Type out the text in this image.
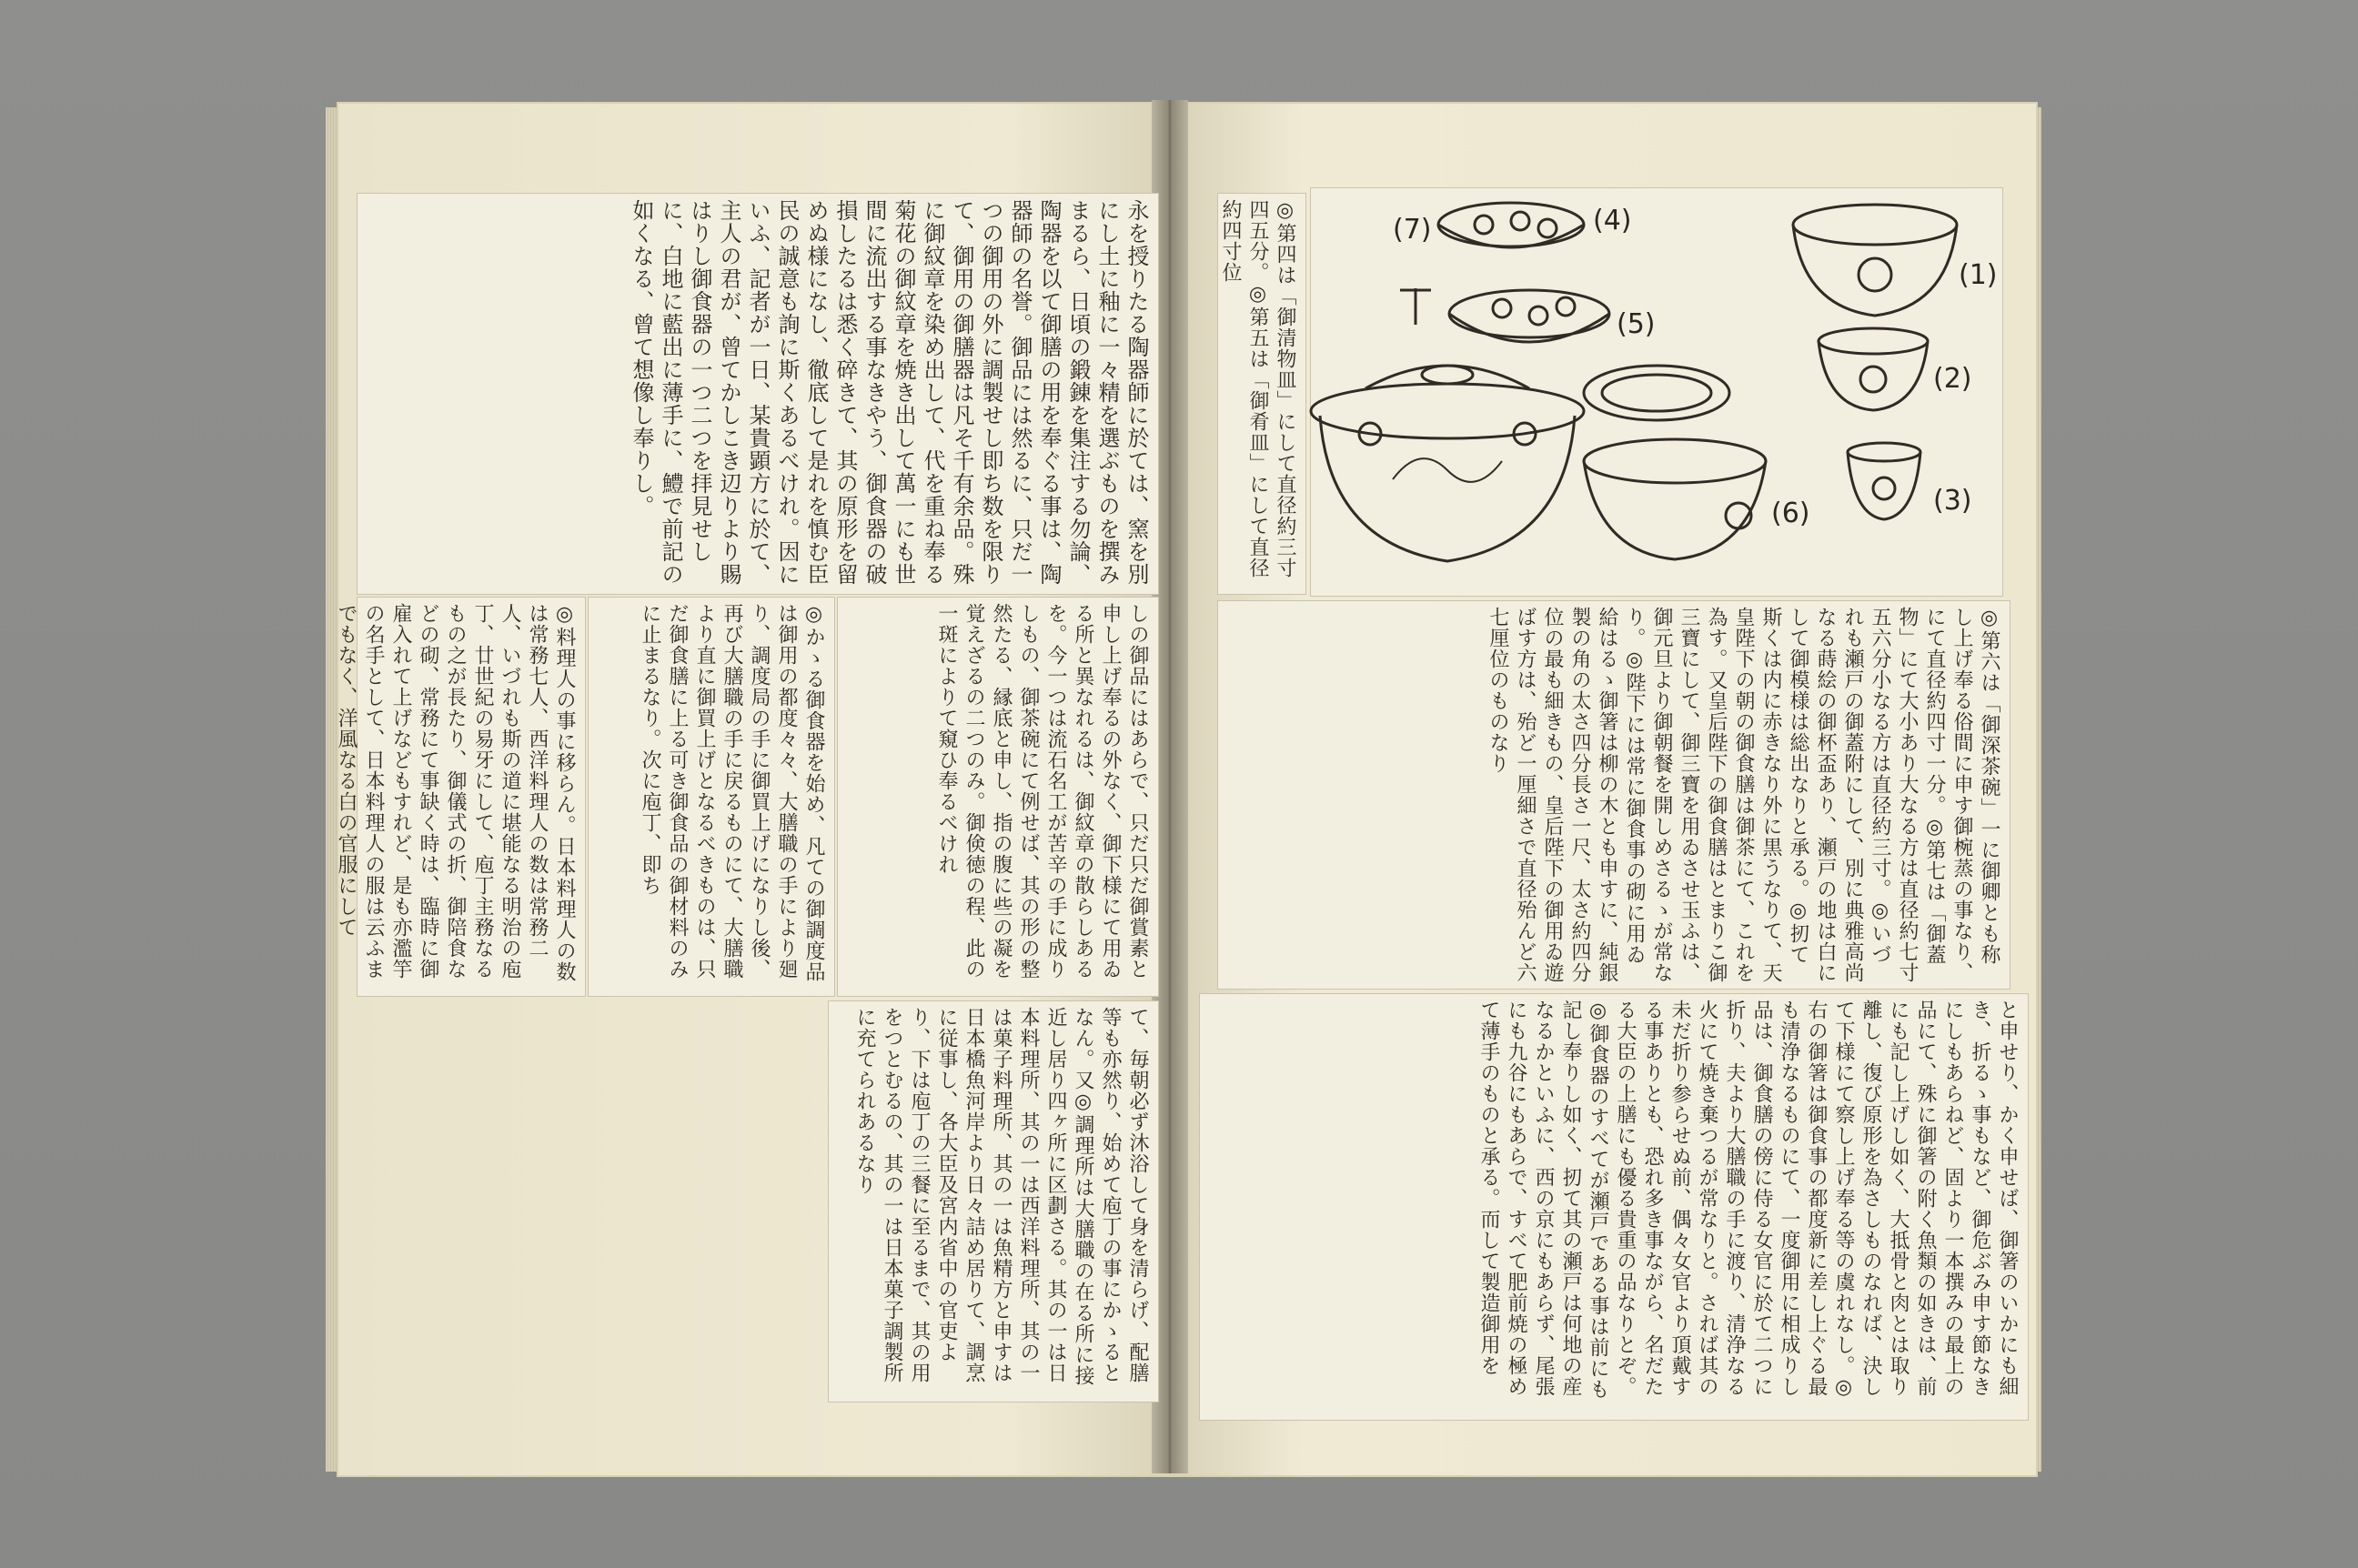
永を授りたる陶器師に於ては、窯を別にし土に釉に一々精を選ぶものを撰みまるら、日頃の鍛錬を集注する勿論、陶器を以て御膳の用を奉ぐる事は、陶器師の名誉。御品には然るに、只だ一つの御用の外に調製せし即ち数を限りて、御用の御膳器は凡そ千有余品。殊に御紋章を染め出して、代を重ね奉る菊花の御紋章を焼き出して萬一にも世間に流出する事なきやう、御食器の破損したるは悉く碎きて、其の原形を留めぬ様になし、徹底して是れを慎む臣民の誠意も詢に斯くあるべけれ。因にいふ、記者が一日、某貴顕方に於て、主人の君が、曾てかしこき辺りより賜はりし御食器の一つ二つを拝見せしに、白地に藍出に薄手に、鱧で前記の如くなる、曾て想像し奉りし。
◎料理人の事に移らん。日本料理人の数は常務七人、西洋料理人の数は常務二人、いづれも斯の道に堪能なる明治の庖丁、廿世紀の易牙にして、庖丁主務なるもの之が長たり、御儀式の折、御陪食などの砌、常務にて事缺く時は、臨時に御雇入れて上げなどもすれど、是も亦濫竽の名手として、日本料理人の服は云ふまでもなく、洋風なる白の官服にして	◎かゝる御食器を始め、凡ての御調度品は御用の都度々々、大膳職の手により廻り、調度局の手に御買上げになりし後、再び大膳職の手に戻るものにて、大膳職より直に御買上げとなるべきものは、只だ御食膳に上る可き御食品の御材料のみに止まるなり。次に庖丁、即ち	しの御品にはあらで、只だ只だ御賞素と申し上げ奉るの外なく、御下様にて用ゐる所と異なれるは、御紋章の散らしあるを。今一つは流石名工が苦辛の手に成りしもの、御茶碗にて例せば、其の形の整然たる、縁底と申し、指の腹に些の凝を覚えざるの二つのみ。御倹徳の程、此の一斑によりて窺ひ奉るべけれ
て、毎朝必ず沐浴して身を清らげ、配膳等も亦然り、始めて庖丁の事にかゝるとなん。又◎調理所は大膳職の在る所に接近し居り四ヶ所に区劃さる。其の一は日本料理所、其の一は西洋料理所、其の一は菓子料理所、其の一は魚精方と申すは日本橋魚河岸より日々詰め居りて、調烹に従事し、各大臣及宮内省中の官吏より、下は庖丁の三餐に至るまで、其の用をつとむるの、其の一は日本菓子調製所に充てられあるなり
◎第四は「御清物皿」にして直径約三寸四五分。◎第五は「御肴皿」にして直径約四寸位	(7)	(4)
(1)
(6)
(2)
(5)
(3)
◎第六は「御深茶碗」一に御卿とも称し上げ奉る俗間に申す御椀蒸の事なり、にて直径約四寸一分。◎第七は「御蓋物」にて大小あり大なる方は直径約七寸五六分小なる方は直径約三寸。◎いづれも瀬戸の御蓋附にして、別に典雅高尚なる蒔絵の御杯盃あり、瀬戸の地は白にして御模様は総出なりと承る。◎扨て斯くは内に赤きなり外に黒うなりて、天皇陛下の朝の御食膳は御茶にて、これを為す。又皇后陛下の御食膳はとまりこ御三寶にして、御三寶を用ゐさせ玉ふは、御元旦より御朝餐を開しめさるゝが常なり。◎陛下には常に御食事の砌に用ゐ給はるゝ御箸は柳の木とも申すに、純銀製の角の太さ四分長さ一尺、太さ約四分位の最も細きもの、皇后陛下の御用ゐ遊ばす方は、殆ど一厘細さで直径殆んど六七厘位のものなり
と申せり、かく申せば、御箸のいかにも細き、折るゝ事もなど、御危ぶみ申す節なきにしもあらねど、固より一本撰みの最上の品にて、殊に御箸の附く魚類の如きは、前にも記し上げし如く、大抵骨と肉とは取り離し、復び原形を為さしものなれば、決して下様にて察し上げ奉る等の虞れなし。◎右の御箸は御食事の都度新に差し上ぐる最も清浄なるものにて、一度御用に相成りし品は、御食膳の傍に侍る女官に於て二つに折り、夫より大膳職の手に渡り、清浄なる火にて焼き棄つるが常なりと。されば其の未だ折り参らせぬ前、偶々女官より頂戴する事ありとも、恐れ多き事ながら、名だたる大臣の上膳にも優る貴重の品なりとぞ。◎御食器のすべてが瀬戸である事は前にも記し奉りし如く、扨て其の瀬戸は何地の産なるかといふに、西の京にもあらず、尾張にも九谷にもあらで、すべて肥前焼の極めて薄手のものと承る。而して製造御用を
